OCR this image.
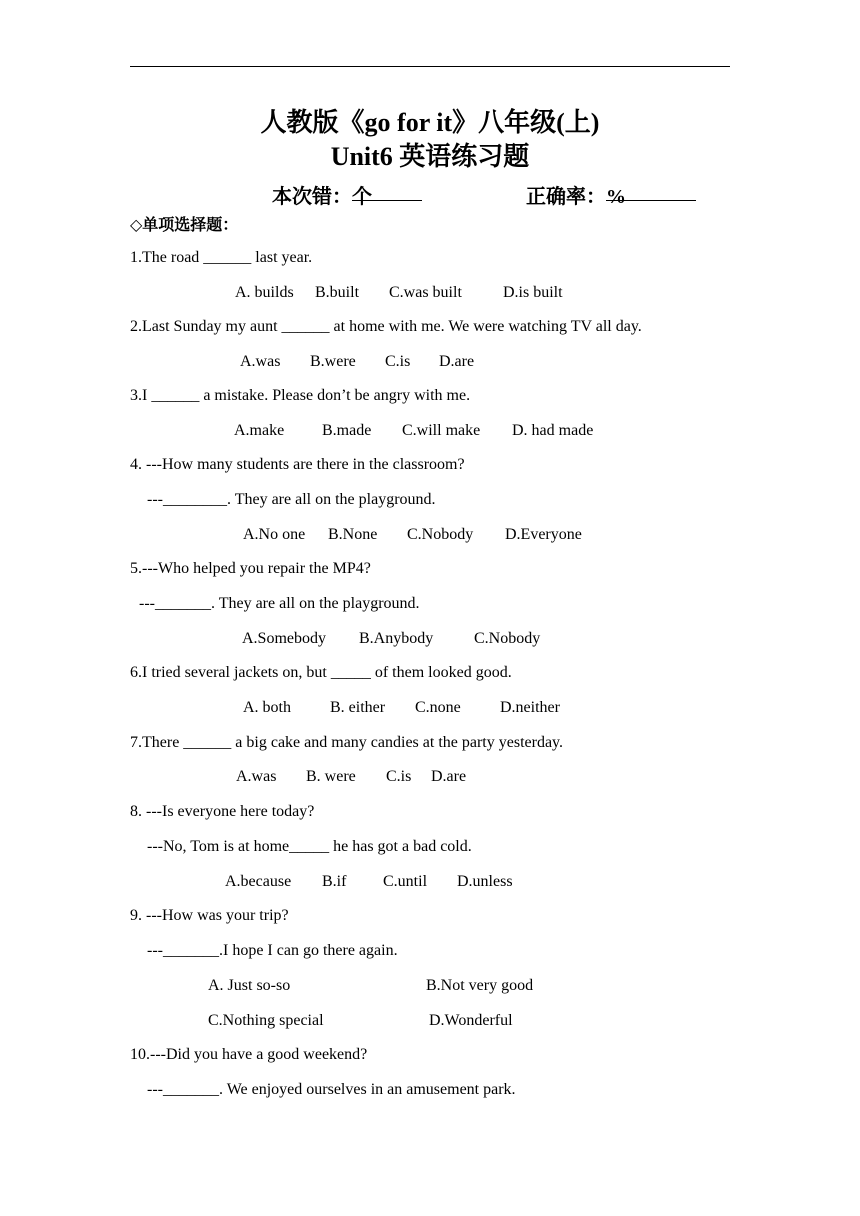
人教版《go for it》八年级(上)
Unit6 英语练习题
本次错：
个	正确率：
%
◇单项选择题：
1.The road ______ last year.
A. builds B.built C.was built	D.is built
2.Last Sunday my aunt ______ at home with me. We were watching TV all day.
A.was B.were C.is D.are
3.I ______ a mistake. Please don’t be angry with me.
A.make B.made C.will make D. had made
4. ---How many students are there in the classroom?
---________. They are all on the playground.
A.No one B.None C.Nobody D.Everyone
5.---Who helped you repair the MP4?
---_______. They are all on the playground.
A.Somebody B.Anybody	C.Nobody
6.I tried several jackets on, but _____ of them looked good.
A. both B. either C.none D.neither
7.There ______ a big cake and many candies at the party yesterday.
A.was B. were C.is D.are
8. ---Is everyone here today?
---No, Tom is at home_____ he has got a bad cold.
A.because B.if C.until D.unless
9. ---How was your trip?
---_______.I hope I can go there again.
A. Just so-so	B.Not very good
C.Nothing special	D.Wonderful
10.---Did you have a good weekend?
---_______. We enjoyed ourselves in an amusement park.
